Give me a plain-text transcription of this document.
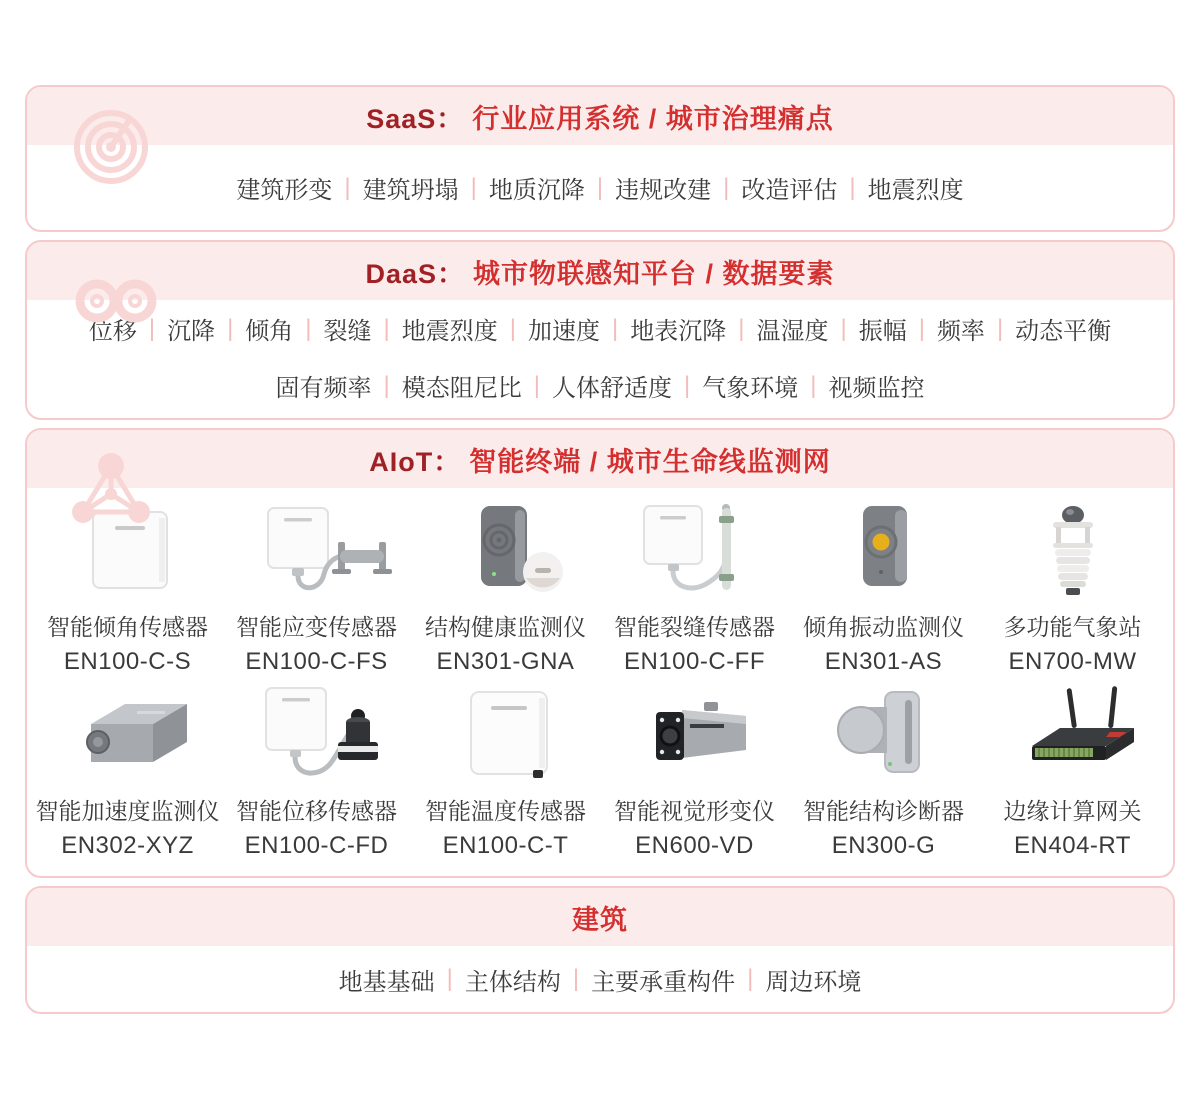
SaaS： 行业应用系统 / 城市治理痛点
建筑形变 | 建筑坍塌 | 地质沉降 | 违规改建 | 改造评估 | 地震烈度
DaaS： 城市物联感知平台 / 数据要素
位移 | 沉降 | 倾角 | 裂缝 | 地震烈度 | 加速度 | 地表沉降 | 温湿度 | 振幅 | 频率 | 动态平衡
固有频率 | 模态阻尼比 | 人体舒适度 | 气象环境 | 视频监控
AIoT： 智能终端 / 城市生命线监测网
智能倾角传感器
EN100-C-S
智能应变传感器
EN100-C-FS
结构健康监测仪
EN301-GNA
智能裂缝传感器
EN100-C-FF
倾角振动监测仪
EN301-AS
多功能气象站
EN700-MW
智能加速度监测仪
EN302-XYZ
智能位移传感器
EN100-C-FD
智能温度传感器
EN100-C-T
智能视觉形变仪
EN600-VD
智能结构诊断器
EN300-G
边缘计算网关
EN404-RT
建筑
地基基础 | 主体结构 | 主要承重构件 | 周边环境
